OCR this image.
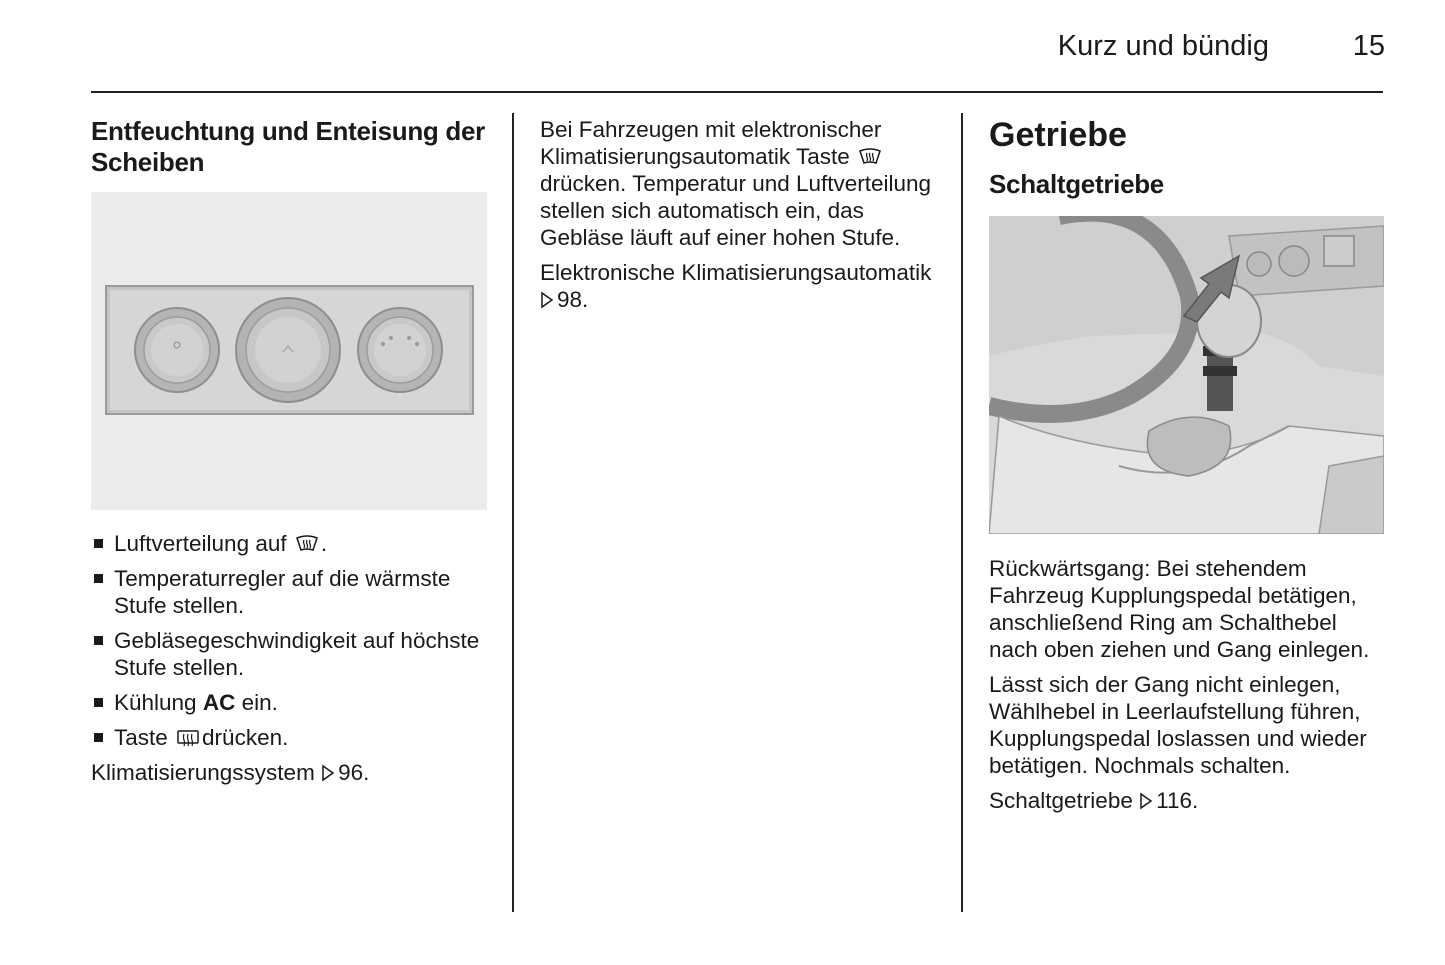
Kurz und bündig	15
Entfeuchtung und Enteisung der Scheiben
Luftverteilung auf .
Temperaturregler auf die wärmste Stufe stellen.
Gebläsegeschwindigkeit auf höchste Stufe stellen.
Kühlung AC ein.
Taste drücken.

Klimatisierungssystem 96.

Bei Fahrzeugen mit elektronischer Klimatisierungsautomatik Taste  drücken. Temperatur und Luftverteilung stellen sich automatisch ein, das Gebläse läuft auf einer hohen Stufe.

Elektronische Klimatisierungsautomatik 98.

Getriebe
Schaltgetriebe

Rückwärtsgang: Bei stehendem Fahrzeug Kupplungspedal betätigen, anschließend Ring am Schalthebel nach oben ziehen und Gang einlegen.

Lässt sich der Gang nicht einlegen, Wählhebel in Leerlaufstellung führen, Kupplungspedal loslassen und wieder betätigen. Nochmals schalten.

Schaltgetriebe 116.
